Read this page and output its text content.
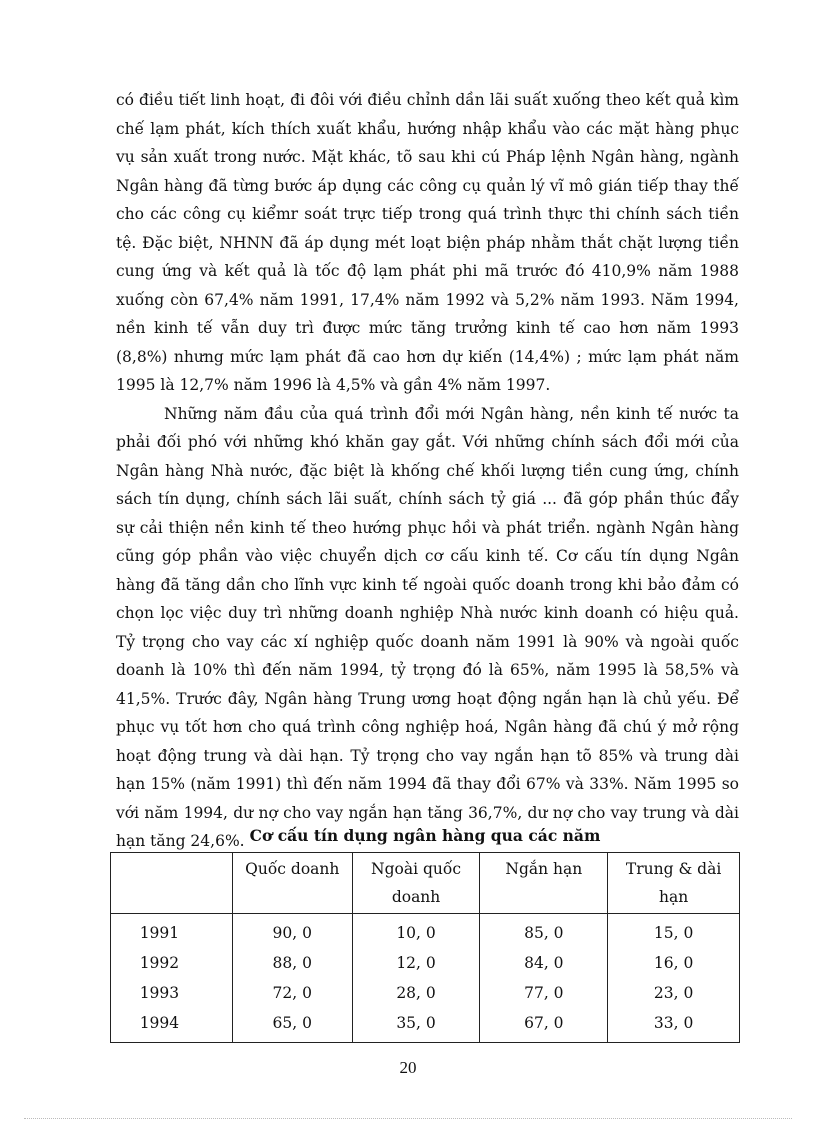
có điều tiết linh hoạt, đi đôi với điều chỉnh dần lãi suất xuống theo kết quả kìm chế lạm phát, kích thích xuất khẩu, hướng nhập khẩu vào các mặt hàng phục vụ sản xuất trong nước. Mặt khác, tõ sau khi cú Pháp lệnh Ngân hàng, ngành Ngân hàng đã từng bước áp dụng các công cụ quản lý vĩ mô gián tiếp thay thế cho các công cụ kiểmr soát trực tiếp trong quá trình thực thi chính sách tiền tệ. Đặc biệt, NHNN đã áp dụng mét loạt biện pháp nhằm thắt chặt lượng tiền cung ứng và kết quả là tốc độ lạm phát phi mã trước đó 410,9% năm 1988 xuống còn 67,4% năm 1991, 17,4% năm 1992 và 5,2% năm 1993. Năm 1994, nền kinh tế vẫn duy trì được mức tăng trưởng kinh tế cao hơn năm 1993 (8,8%) nhưng mức lạm phát đã cao hơn dự kiến (14,4%) ; mức lạm phát năm 1995 là 12,7% năm 1996 là 4,5% và gần 4% năm 1997.

Những năm đầu của quá trình đổi mới Ngân hàng, nền kinh tế nước ta phải đối phó với những khó khăn gay gắt. Với những chính sách đổi mới của Ngân hàng Nhà nước, đặc biệt là khống chế khối lượng tiền cung ứng, chính sách tín dụng, chính sách lãi suất, chính sách tỷ giá ... đã góp phần thúc đẩy sự cải thiện nền kinh tế theo hướng phục hồi và phát triển. ngành Ngân hàng cũng góp phần vào việc chuyển dịch cơ cấu kinh tế. Cơ cấu tín dụng Ngân hàng đã tăng dần cho lĩnh vực kinh tế ngoài quốc doanh trong khi bảo đảm có chọn lọc việc duy trì những doanh nghiệp Nhà nước kinh doanh có hiệu quả. Tỷ trọng cho vay các xí nghiệp quốc doanh năm 1991 là 90% và ngoài quốc doanh là 10% thì đến năm 1994, tỷ trọng đó là 65%, năm 1995 là 58,5% và 41,5%. Trước đây, Ngân hàng Trung ương hoạt động ngắn hạn là chủ yếu. Để phục vụ tốt hơn cho quá trình công nghiệp hoá, Ngân hàng đã chú ý mở rộng hoạt động trung và dài hạn. Tỷ trọng cho vay ngắn hạn tõ 85% và trung dài hạn 15% (năm 1991) thì đến năm 1994 đã thay đổi 67% và 33%. Năm 1995 so với năm 1994, dư nợ cho vay ngắn hạn tăng 36,7%, dư nợ cho vay trung và dài hạn tăng 24,6%. Cơ cấu tín dụng ngân hàng qua các năm
	Quốc doanh	Ngoài quốc doanh	Ngắn hạn	Trung & dài hạn
1991	90, 0	10, 0	85, 0	15, 0
1992	88, 0	12, 0	84, 0	16, 0
1993	72, 0	28, 0	77, 0	23, 0
1994	65, 0	35, 0	67, 0	33, 0
20
